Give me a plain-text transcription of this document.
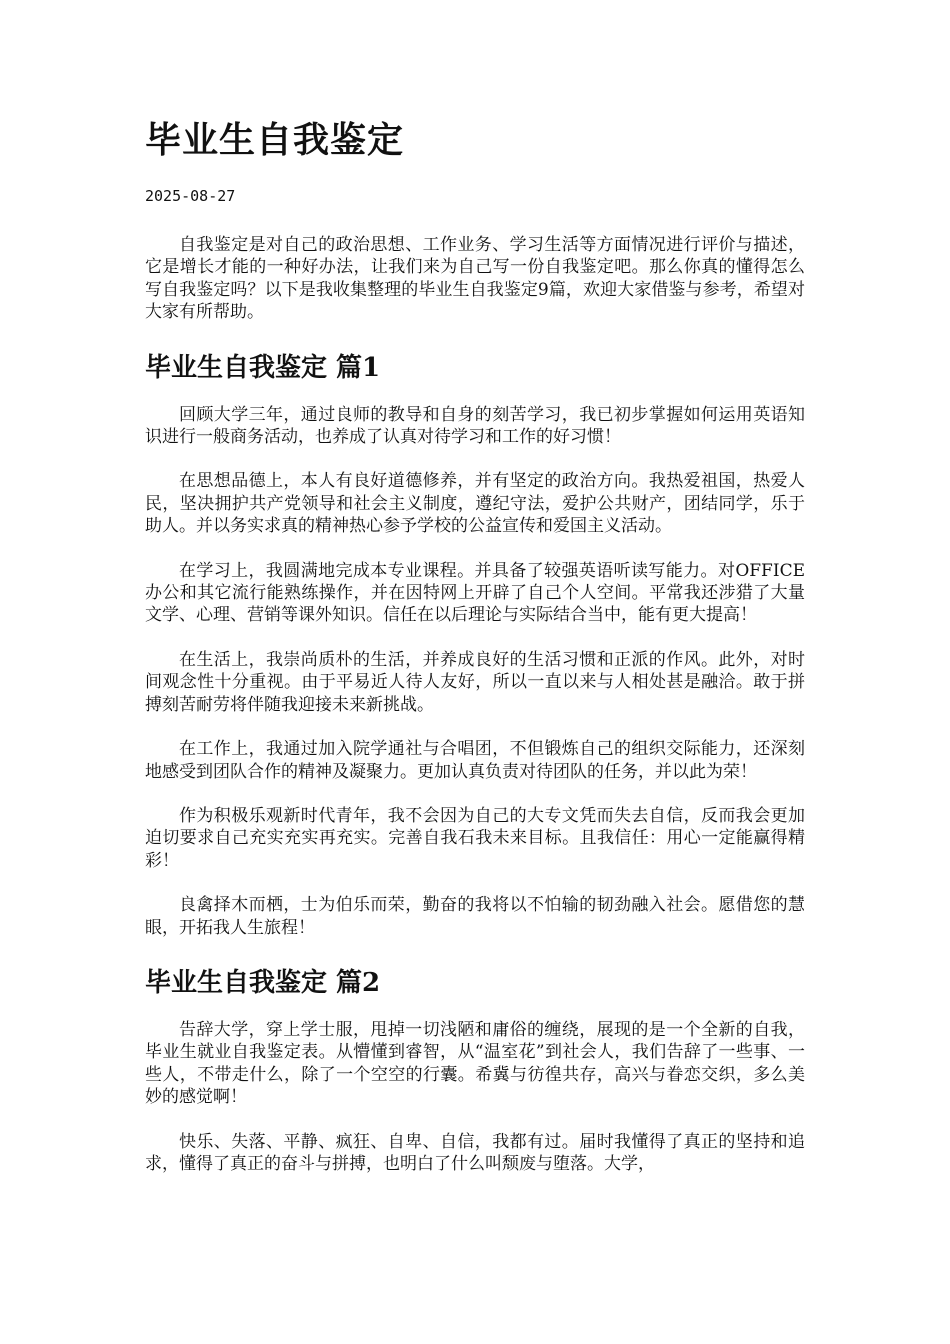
毕业生自我鉴定
2025-08-27

自我鉴定是对自己的政治思想、工作业务、学习生活等方面情况进行评价与描述，它是增长才能的一种好办法，让我们来为自己写一份自我鉴定吧。那么你真的懂得怎么写自我鉴定吗？以下是我收集整理的毕业生自我鉴定9篇，欢迎大家借鉴与参考，希望对大家有所帮助。

毕业生自我鉴定 篇1

回顾大学三年，通过良师的教导和自身的刻苦学习，我已初步掌握如何运用英语知识进行一般商务活动，也养成了认真对待学习和工作的好习惯！

在思想品德上，本人有良好道德修养，并有坚定的政治方向。我热爱祖国，热爱人民，坚决拥护共产党领导和社会主义制度，遵纪守法，爱护公共财产，团结同学，乐于助人。并以务实求真的精神热心参予学校的公益宣传和爱国主义活动。

在学习上，我圆满地完成本专业课程。并具备了较强英语听读写能力。对OFFICE办公和其它流行能熟练操作，并在因特网上开辟了自己个人空间。平常我还涉猎了大量文学、心理、营销等课外知识。信任在以后理论与实际结合当中，能有更大提高！

在生活上，我崇尚质朴的生活，并养成良好的生活习惯和正派的作风。此外，对时间观念性十分重视。由于平易近人待人友好，所以一直以来与人相处甚是融洽。敢于拼搏刻苦耐劳将伴随我迎接未来新挑战。

在工作上，我通过加入院学通社与合唱团，不但锻炼自己的组织交际能力，还深刻地感受到团队合作的精神及凝聚力。更加认真负责对待团队的任务，并以此为荣！

作为积极乐观新时代青年，我不会因为自己的大专文凭而失去自信，反而我会更加迫切要求自己充实充实再充实。完善自我石我未来目标。且我信任：用心一定能赢得精彩！

良禽择木而栖，士为伯乐而荣，勤奋的我将以不怕输的韧劲融入社会。愿借您的慧眼，开拓我人生旅程！

毕业生自我鉴定 篇2

告辞大学，穿上学士服，甩掉一切浅陋和庸俗的缠绕，展现的是一个全新的自我，毕业生就业自我鉴定表。从懵懂到睿智，从“温室花”到社会人，我们告辞了一些事、一些人，不带走什么，除了一个空空的行囊。希冀与彷徨共存，高兴与眷恋交织，多么美妙的感觉啊！

快乐、失落、平静、疯狂、自卑、自信，我都有过。届时我懂得了真正的坚持和追求，懂得了真正的奋斗与拼搏，也明白了什么叫颓废与堕落。大学，
